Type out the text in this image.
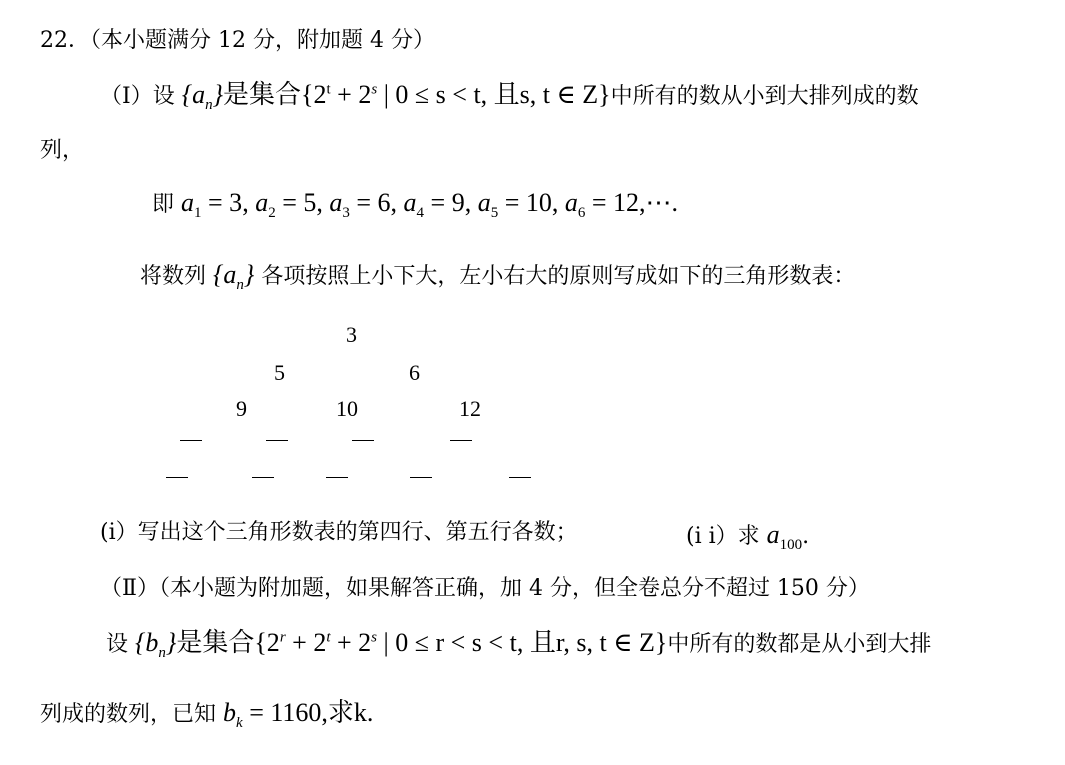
22．（本小题满分 12 分，附加题 4 分）
（Ⅰ）设 $\{a_n\}$是集合{$2^t + 2^s$ | 0 ≤ s < t, 且s, t ∈ Z}中所有的数从小到大排列成的数
列，
即 $a_1 = 3$, $a_2 = 5$, $a_3 = 6$, $a_4 = 9$, $a_5 = 10$, $a_6$ = 12,⋯.
将数列 $\{a_n\}$ 各项按照上小下大，左小右大的原则写成如下的三角形数表：
3
5	6
9	10	12
(i）写出这个三角形数表的第四行、第五行各数；	(i i）求 $a_{100}$.
（Ⅱ）（本小题为附加题，如果解答正确，加 4 分，但全卷总分不超过 150 分）
设 $\{b_n\}$是集合{$2^r + 2^t + 2^s$ | 0 ≤ r < s < t, 且r, s, t ∈ Z}中所有的数都是从小到大排
列成的数列，已知 $b_k = 1160$,求k.
